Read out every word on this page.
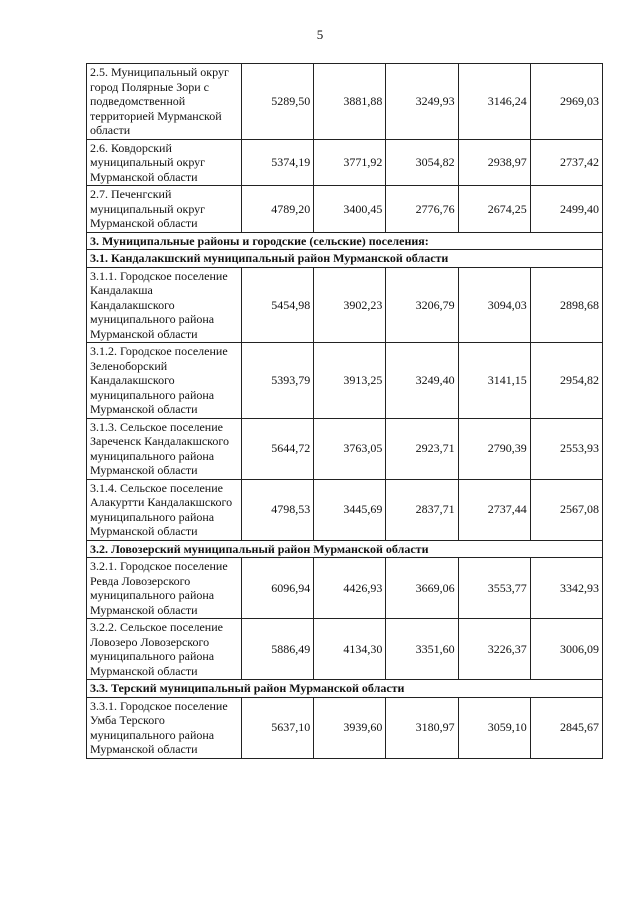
5
2.5. Муниципальный округ город Полярные Зори с подведомственной территорией Мурманской области	5289,50	3881,88	3249,93	3146,24	2969,03
2.6. Ковдорский муниципальный округ Мурманской области	5374,19	3771,92	3054,82	2938,97	2737,42
2.7. Печенгский муниципальный округ Мурманской области	4789,20	3400,45	2776,76	2674,25	2499,40
3. Муниципальные районы и городские (сельские) поселения:					
3.1. Кандалакшский муниципальный район Мурманской области					
3.1.1. Городское поселение Кандалакша Кандалакшского муниципального района Мурманской области	5454,98	3902,23	3206,79	3094,03	2898,68
3.1.2. Городское поселение Зеленоборский Кандалакшского муниципального района Мурманской области	5393,79	3913,25	3249,40	3141,15	2954,82
3.1.3. Сельское поселение Зареченск Кандалакшского муниципального района Мурманской области	5644,72	3763,05	2923,71	2790,39	2553,93
3.1.4. Сельское поселение Алакуртти Кандалакшского муниципального района Мурманской области	4798,53	3445,69	2837,71	2737,44	2567,08
3.2. Ловозерский муниципальный район Мурманской области					
3.2.1. Городское поселение Ревда Ловозерского муниципального района Мурманской области	6096,94	4426,93	3669,06	3553,77	3342,93
3.2.2. Сельское поселение Ловозеро Ловозерского муниципального района Мурманской области	5886,49	4134,30	3351,60	3226,37	3006,09
3.3. Терский муниципальный район Мурманской области					
3.3.1. Городское поселение Умба Терского муниципального района Мурманской области	5637,10	3939,60	3180,97	3059,10	2845,67
